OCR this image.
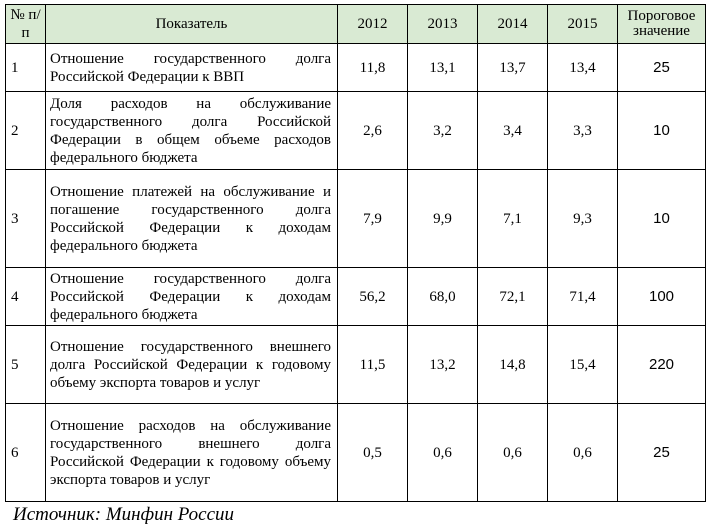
№ п/п	Показатель	2012	2013	2014	2015	Пороговое значение
1	Отношение государственного долга Российской Федерации к ВВП	11,8	13,1	13,7	13,4	25
2	Доля расходов на обслуживание государственного долга Российской Федерации в общем объеме расходов федерального бюджета	2,6	3,2	3,4	3,3	10
3	Отношение платежей на обслуживание и погашение государственного долга Российской Федерации к доходам федерального бюджета	7,9	9,9	7,1	9,3	10
4	Отношение государственного долга Российской Федерации к доходам федерального бюджета	56,2	68,0	72,1	71,4	100
5	Отношение государственного внешнего долга Российской Федерации к годовому объему экспорта товаров и услуг	11,5	13,2	14,8	15,4	220
6	Отношение расходов на обслуживание государственного внешнего долга Российской Федерации к годовому объему экспорта товаров и услуг	0,5	0,6	0,6	0,6	25
Источник: Минфин России
